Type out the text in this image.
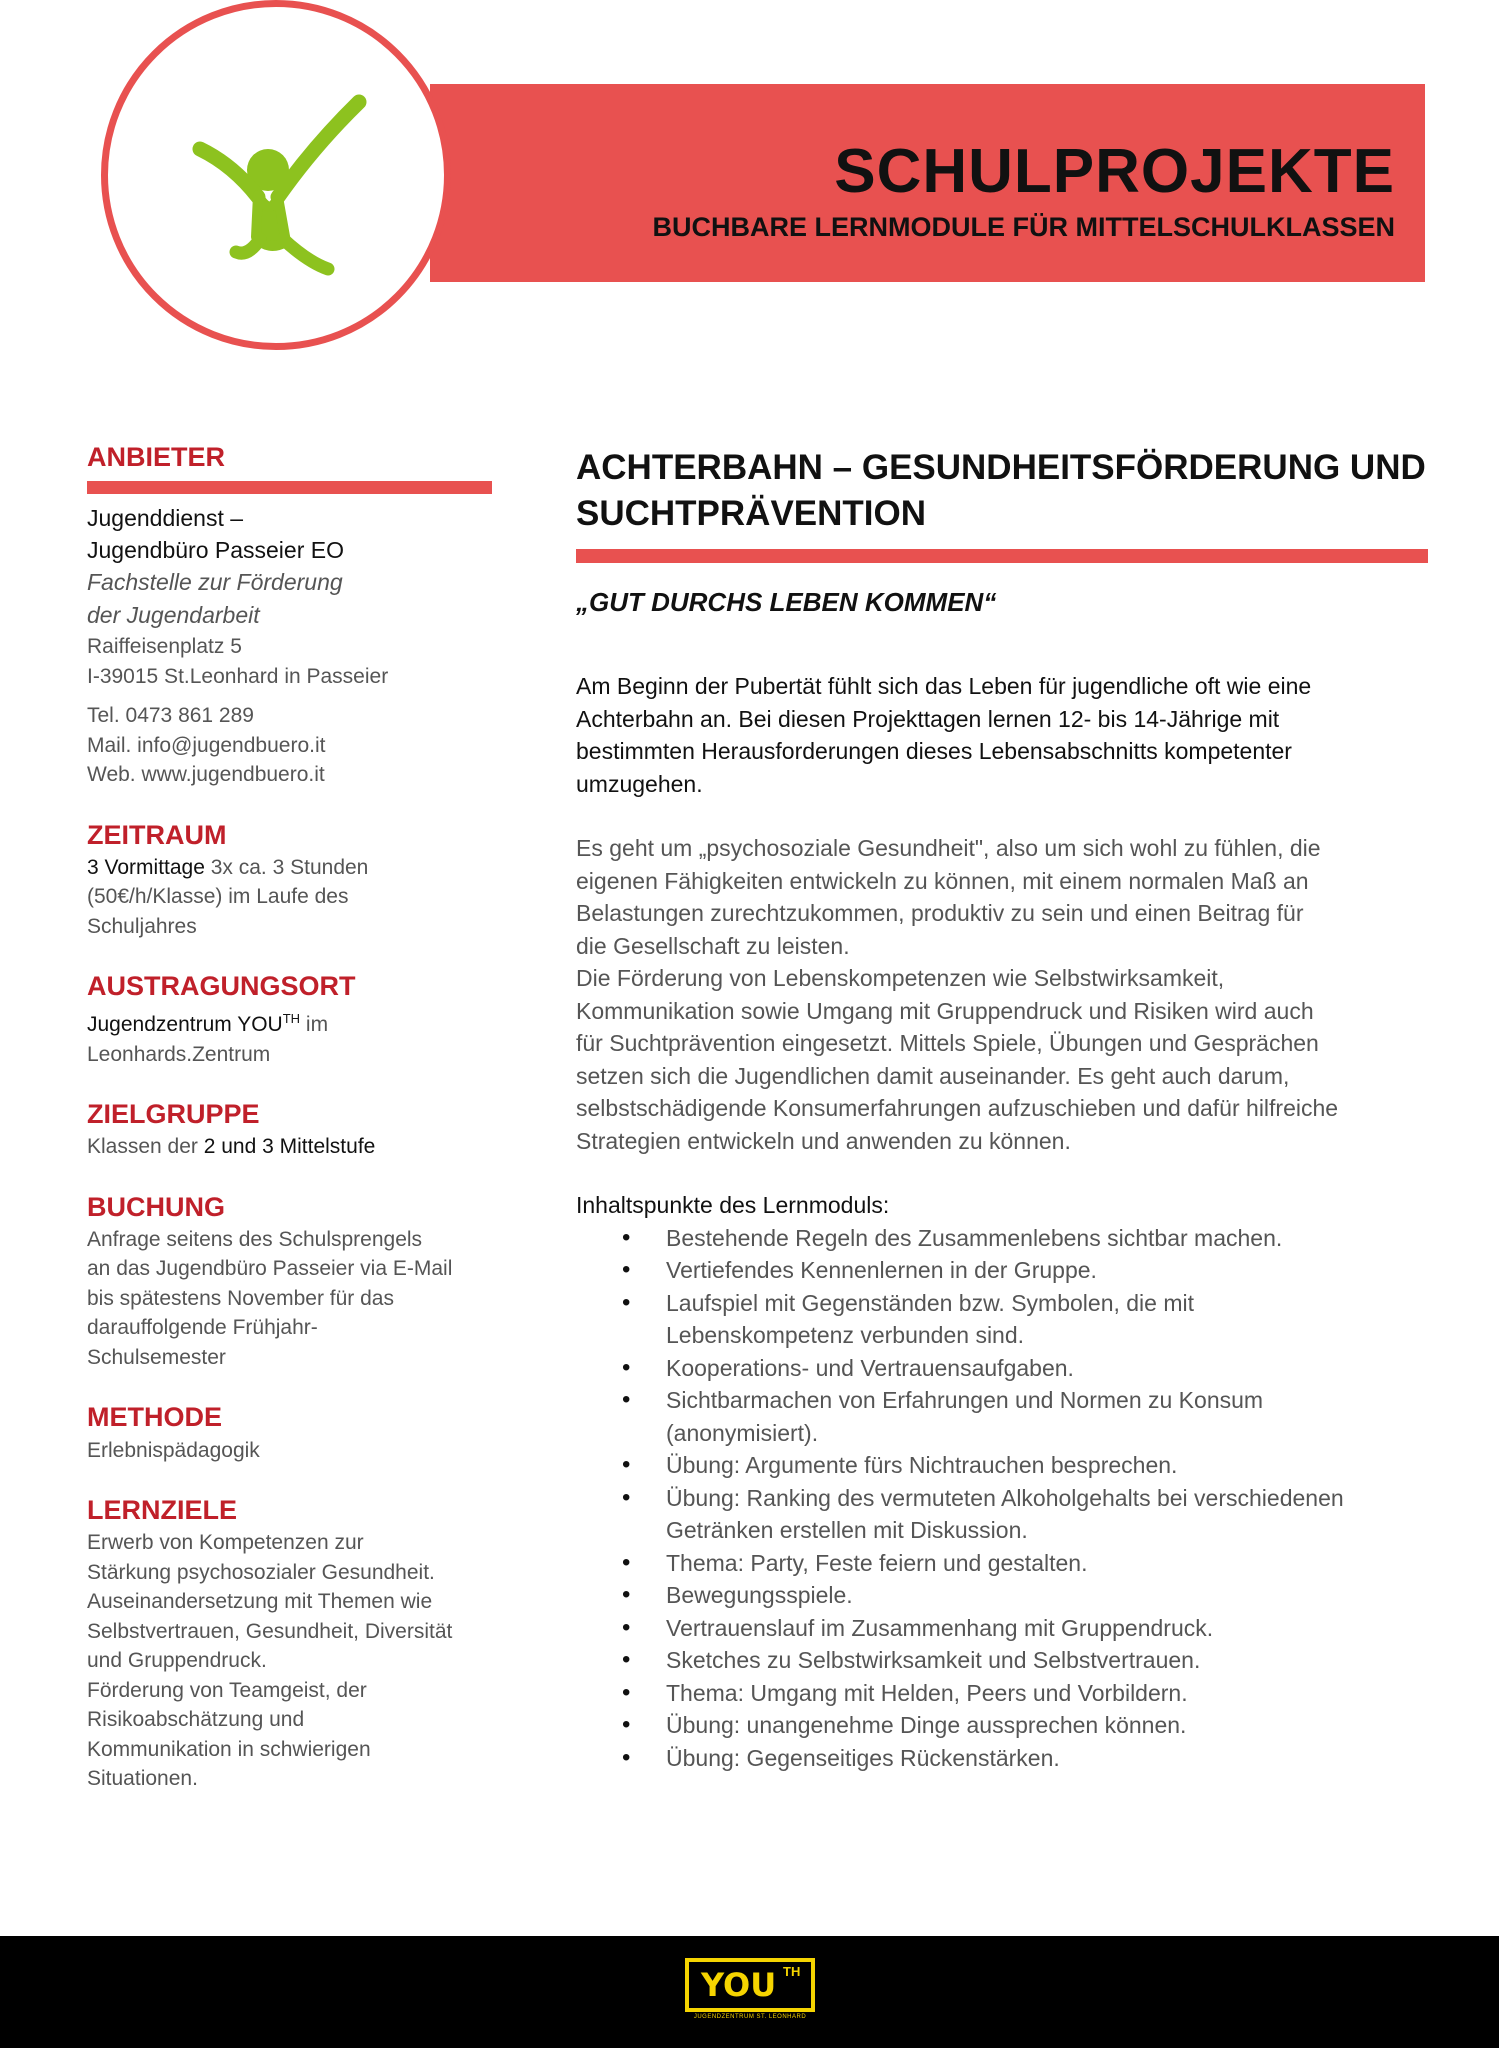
SCHULPROJEKTE
BUCHBARE LERNMODULE FÜR MITTELSCHULKLASSEN

ANBIETER

Jugenddienst –

Jugendbüro Passeier EO

Fachstelle zur Förderung

der Jugendarbeit

Raiffeisenplatz 5

I-39015 St.Leonhard in Passeier

Tel. 0473 861 289

Mail. info@jugendbuero.it

Web. www.jugendbuero.it

ZEITRAUM

3 Vormittage 3x ca. 3 Stunden

(50€/h/Klasse) im Laufe des

Schuljahres

AUSTRAGUNGSORT

Jugendzentrum $YOU^{TH}$ im

Leonhards.Zentrum

ZIELGRUPPE

Klassen der 2 und 3 Mittelstufe

BUCHUNG

Anfrage seitens des Schulsprengels

an das Jugendbüro Passeier via E-Mail

bis spätestens November für das

darauffolgende Frühjahr-

Schulsemester

METHODE

Erlebnispädagogik

LERNZIELE

Erwerb von Kompetenzen zur

Stärkung psychosozialer Gesundheit.

Auseinandersetzung mit Themen wie

Selbstvertrauen, Gesundheit, Diversität

und Gruppendruck.

Förderung von Teamgeist, der

Risikoabschätzung und

Kommunikation in schwierigen

Situationen.

ACHTERBAHN – GESUNDHEITSFÖRDERUNG UND
SUCHTPRÄVENTION

„GUT DURCHS LEBEN KOMMEN“

Am Beginn der Pubertät fühlt sich das Leben für jugendliche oft wie eine

Achterbahn an. Bei diesen Projekttagen lernen 12- bis 14-Jährige mit

bestimmten Herausforderungen dieses Lebensabschnitts kompetenter

umzugehen.

Es geht um „psychosoziale Gesundheit", also um sich wohl zu fühlen, die

eigenen Fähigkeiten entwickeln zu können, mit einem normalen Maß an

Belastungen zurechtzukommen, produktiv zu sein und einen Beitrag für

die Gesellschaft zu leisten.

Die Förderung von Lebenskompetenzen wie Selbstwirksamkeit,

Kommunikation sowie Umgang mit Gruppendruck und Risiken wird auch

für Suchtprävention eingesetzt. Mittels Spiele, Übungen und Gesprächen

setzen sich die Jugendlichen damit auseinander. Es geht auch darum,

selbstschädigende Konsumerfahrungen aufzuschieben und dafür hilfreiche

Strategien entwickeln und anwenden zu können.

Inhaltspunkte des Lernmoduls:

• Bestehende Regeln des Zusammenlebens sichtbar machen.
• Vertiefendes Kennenlernen in der Gruppe.
• Laufspiel mit Gegenständen bzw. Symbolen, die mit
Lebenskompetenz verbunden sind.
• Kooperations- und Vertrauensaufgaben.
• Sichtbarmachen von Erfahrungen und Normen zu Konsum
(anonymisiert).
• Übung: Argumente fürs Nichtrauchen besprechen.
• Übung: Ranking des vermuteten Alkoholgehalts bei verschiedenen
Getränken erstellen mit Diskussion.
• Thema: Party, Feste feiern und gestalten.
• Bewegungsspiele.
• Vertrauenslauf im Zusammenhang mit Gruppendruck.
• Sketches zu Selbstwirksamkeit und Selbstvertrauen.
• Thema: Umgang mit Helden, Peers und Vorbildern.
• Übung: unangenehme Dinge aussprechen können.
• Übung: Gegenseitiges Rückenstärken.
YOU TH
JUGENDZENTRUM ST. LEONHARD
